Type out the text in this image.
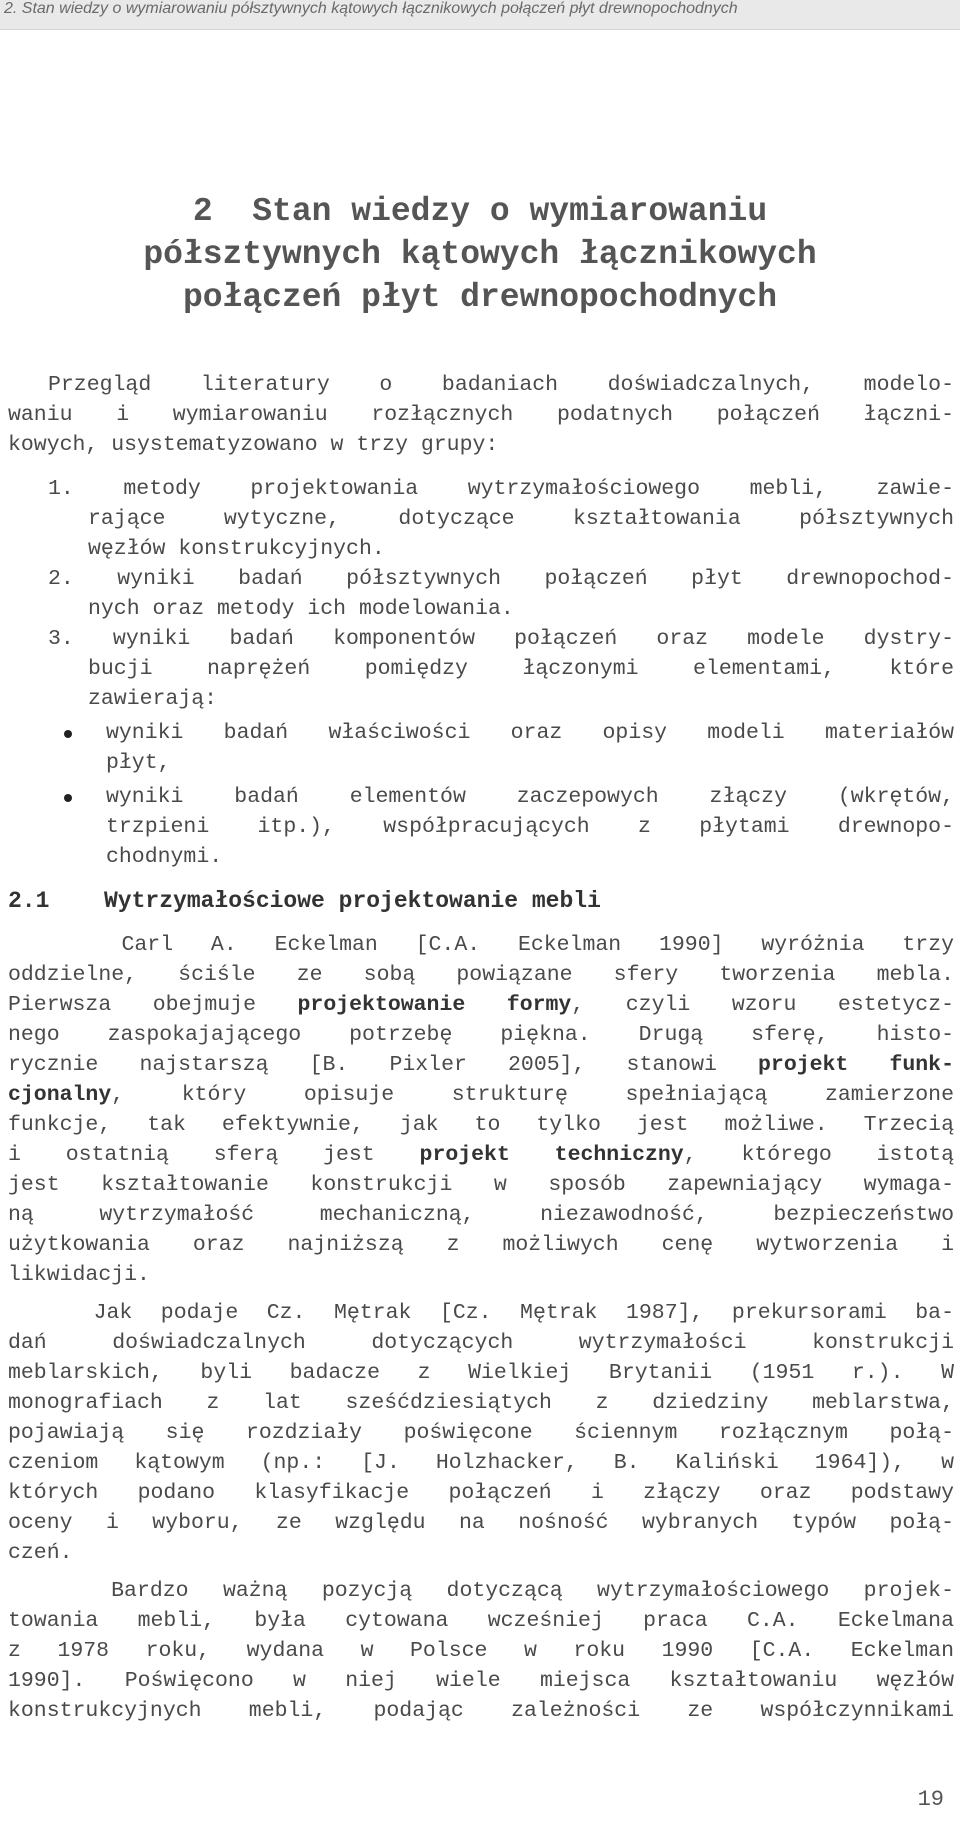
2. Stan wiedzy o wymiarowaniu półsztywnych kątowych łącznikowych połączeń płyt drewnopochodnych
2  Stan wiedzy o wymiarowaniu
półsztywnych kątowych łącznikowych
połączeń płyt drewnopochodnych
Przegląd literatury o badaniach doświadczalnych, modelo-
waniu i wymiarowaniu rozłącznych podatnych połączeń łączni-
kowych, usystematyzowano w trzy grupy:
1. metody projektowania wytrzymałościowego mebli, zawie-
rające wytyczne, dotyczące kształtowania półsztywnych
węzłów konstrukcyjnych.
2. wyniki badań półsztywnych połączeń płyt drewnopochod-
nych oraz metody ich modelowania.
3. wyniki badań komponentów połączeń oraz modele dystry-
bucji naprężeń pomiędzy łączonymi elementami, które
zawierają:
wyniki badań właściwości oraz opisy modeli materiałów
płyt,
wyniki badań elementów zaczepowych złączy (wkrętów,
trzpieni itp.), współpracujących z płytami drewnopo-
chodnymi.
2.1 Wytrzymałościowe projektowanie mebli
Carl A. Eckelman [C.A. Eckelman 1990] wyróżnia trzy
oddzielne, ściśle ze sobą powiązane sfery tworzenia mebla.
Pierwsza obejmuje projektowanie formy, czyli wzoru estetycz-
nego zaspokajającego potrzebę piękna. Drugą sferę, histo-
rycznie najstarszą [B. Pixler 2005], stanowi projekt funk-
cjonalny, który opisuje strukturę spełniającą zamierzone
funkcje, tak efektywnie, jak to tylko jest możliwe. Trzecią
i ostatnią sferą jest projekt techniczny, którego istotą
jest kształtowanie konstrukcji w sposób zapewniający wymaga-
ną wytrzymałość mechaniczną, niezawodność, bezpieczeństwo
użytkowania oraz najniższą z możliwych cenę wytworzenia i
likwidacji.
Jak podaje Cz. Mętrak [Cz. Mętrak 1987], prekursorami ba-
dań doświadczalnych dotyczących wytrzymałości konstrukcji
meblarskich, byli badacze z Wielkiej Brytanii (1951 r.). W
monografiach z lat sześćdziesiątych z dziedziny meblarstwa,
pojawiają się rozdziały poświęcone ściennym rozłącznym połą-
czeniom kątowym (np.: [J. Holzhacker, B. Kaliński 1964]), w
których podano klasyfikacje połączeń i złączy oraz podstawy
oceny i wyboru, ze względu na nośność wybranych typów połą-
czeń.
Bardzo ważną pozycją dotyczącą wytrzymałościowego projek-
towania mebli, była cytowana wcześniej praca C.A. Eckelmana
z 1978 roku, wydana w Polsce w roku 1990 [C.A. Eckelman
1990]. Poświęcono w niej wiele miejsca kształtowaniu węzłów
konstrukcyjnych mebli, podając zależności ze współczynnikami
19
